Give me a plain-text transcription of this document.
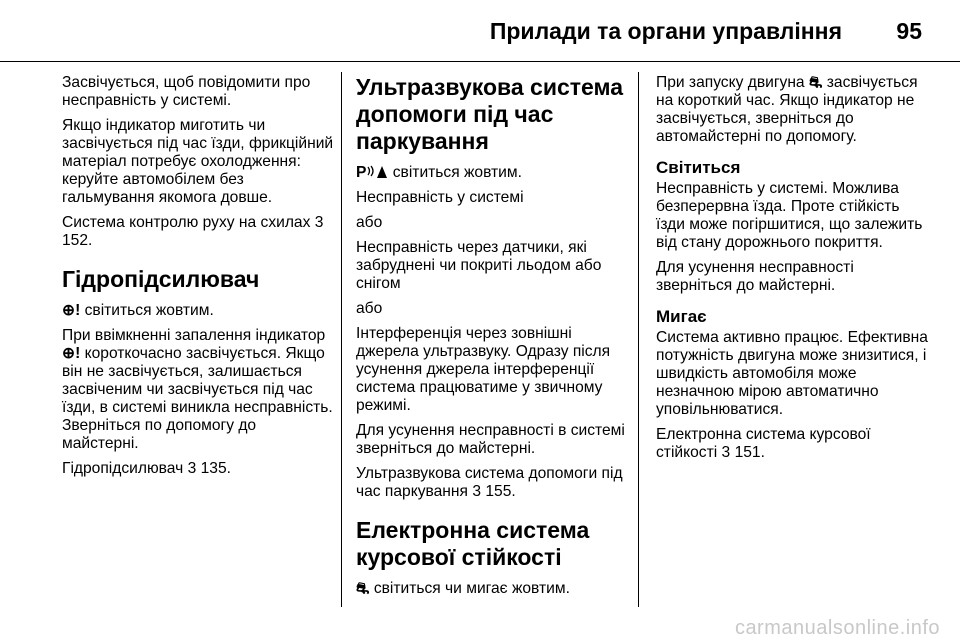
Прилади та органи управління 95

Засвічується, щоб повідомити про несправність у системі.

Якщо індикатор миготить чи засвічується під час їзди, фрикційний матеріал потребує охолодження: керуйте автомобілем без гальмування якомога довше.

Система контролю руху на схилах 3 152.

Гідропідсилювач

⊕! світиться жовтим.

При ввімкненні запалення індикатор ⊕! короткочасно засвічується. Якщо він не засвічується, залишається засвіченим чи засвічується під час їзди, в системі виникла несправність. Зверніться по допомогу до майстерні.

Гідропідсилювач 3 135.

Ультразвукова система допомоги під час паркування

P світиться жовтим.

Несправність у системі

або

Несправність через датчики, які забруднені чи покриті льодом або снігом

або

Інтерференція через зовнішні джерела ультразвуку. Одразу після усунення джерела інтерференції система працюватиме у звичному режимі.

Для усунення несправності в системі зверніться до майстерні.

Ультразвукова система допомоги під час паркування 3 155.

Електронна система курсової стійкості

⛐ світиться чи мигає жовтим.

При запуску двигуна ⛐ засвічується на короткий час. Якщо індикатор не засвічується, зверніться до автомайстерні по допомогу.

Світиться

Несправність у системі. Можлива безперервна їзда. Проте стійкість їзди може погіршитися, що залежить від стану дорожнього покриття.

Для усунення несправності зверніться до майстерні.

Мигає

Система активно працює. Ефективна потужність двигуна може знизитися, і швидкість автомобіля може незначною мірою автоматично уповільнюватися.

Електронна система курсової стійкості 3 151.

carmanualsonline.info
